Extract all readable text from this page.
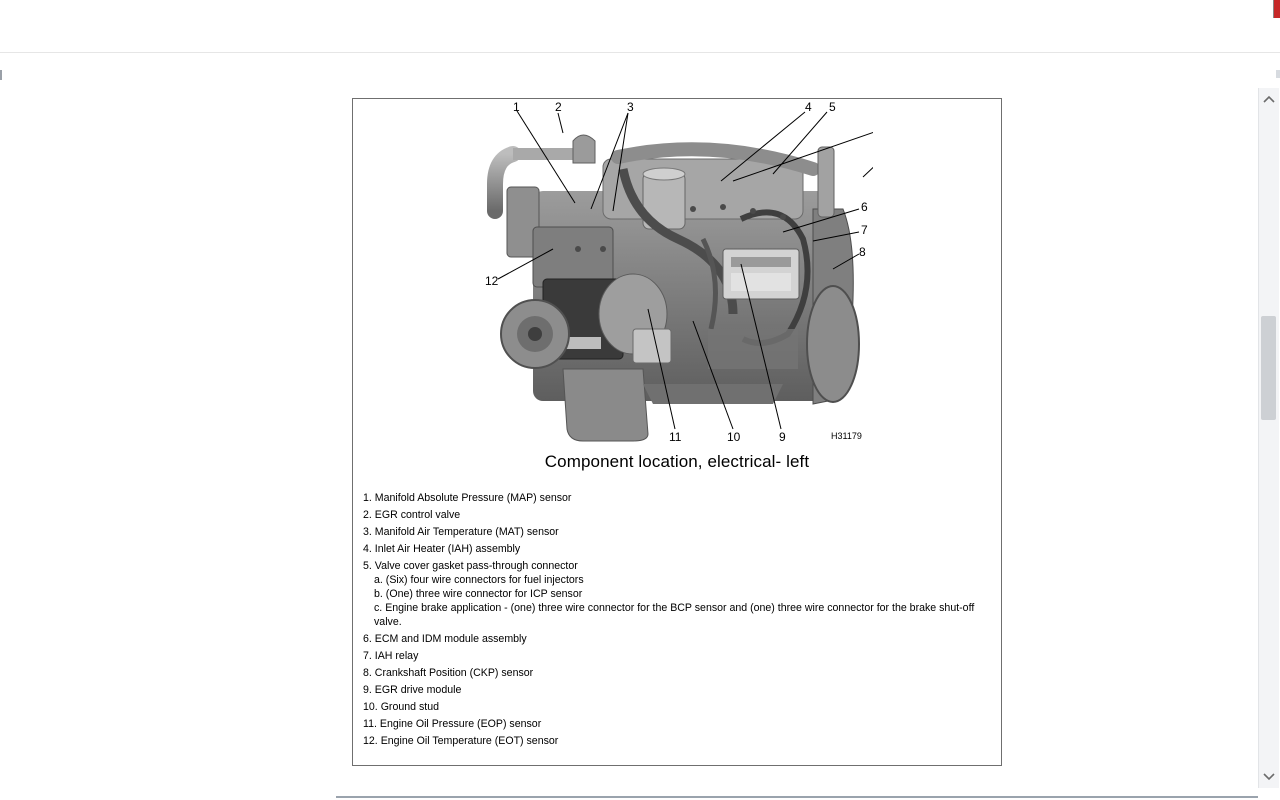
1	2	3	4 5
6
7
8
9
10
11
12
H31179
Component location, electrical- left
1. Manifold Absolute Pressure (MAP) sensor
2. EGR control valve
3. Manifold Air Temperature (MAT) sensor
4. Inlet Air Heater (IAH) assembly
5. Valve cover gasket pass-through connector
a. (Six) four wire connectors for fuel injectors
b. (One) three wire connector for ICP sensor
c. Engine brake application - (one) three wire connector for the BCP sensor and (one) three wire connector for the brake shut-off valve.
6. ECM and IDM module assembly
7. IAH relay
8. Crankshaft Position (CKP) sensor
9. EGR drive module
10. Ground stud
11. Engine Oil Pressure (EOP) sensor
12. Engine Oil Temperature (EOT) sensor
